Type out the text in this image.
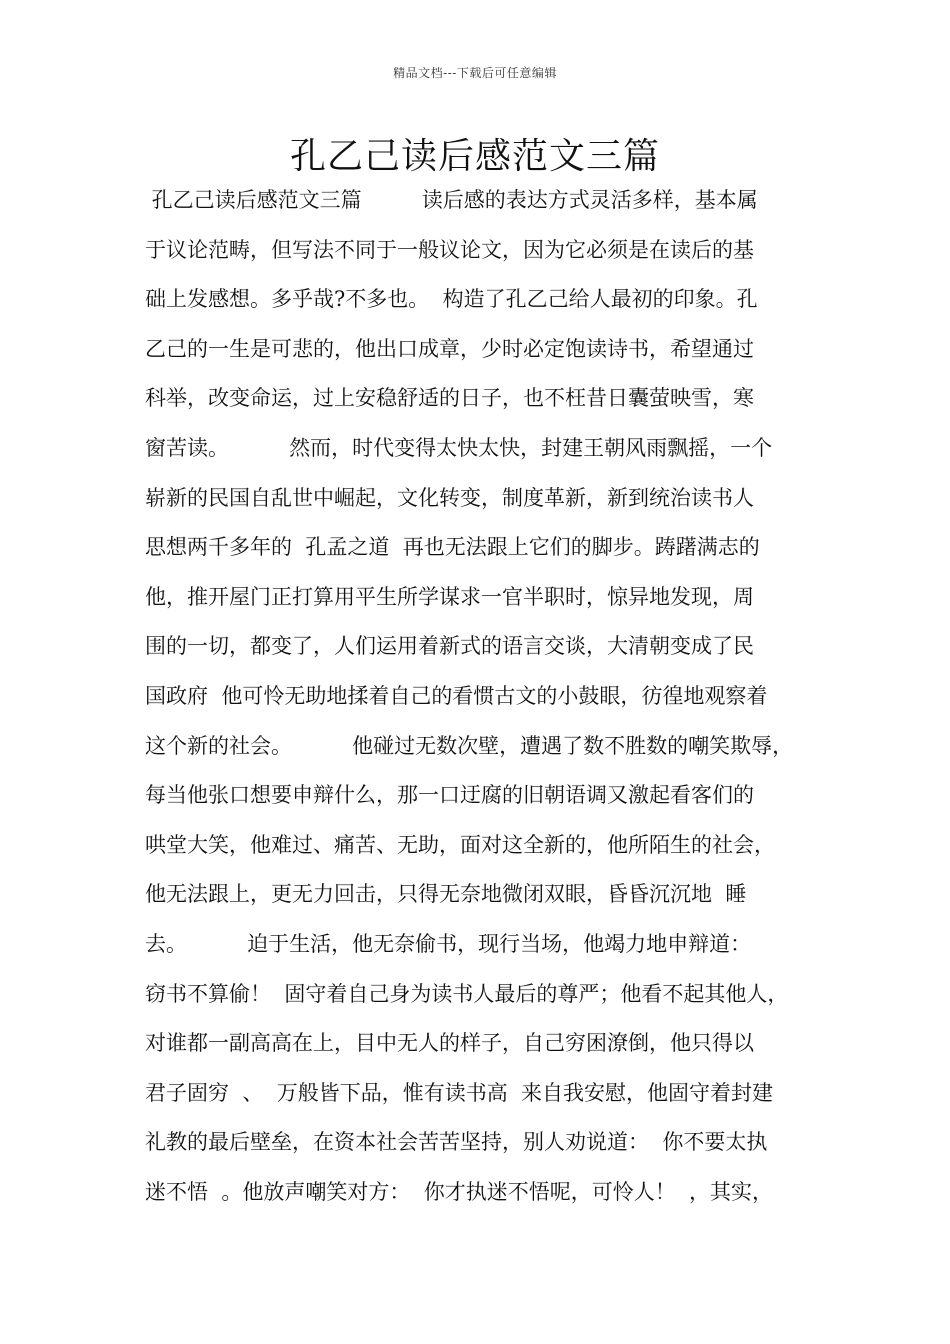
精品文档---下载后可任意编辑
孔乙己读后感范文三篇
孔乙己读后感范文三篇         读后感的表达方式灵活多样，基本属
于议论范畴，但写法不同于一般议论文，因为它必须是在读后的基
础上发感想。多乎哉?不多也。  构造了孔乙己给人最初的印象。孔
乙己的一生是可悲的，他出口成章，少时必定饱读诗书，希望通过
科举，改变命运，过上安稳舒适的日子，也不枉昔日囊萤映雪，寒
窗苦读。         然而，时代变得太快太快，封建王朝风雨飘摇，一个
崭新的民国自乱世中崛起，文化转变，制度革新，新到统治读书人
思想两千多年的  孔孟之道  再也无法跟上它们的脚步。踌躇满志的
他，推开屋门正打算用平生所学谋求一官半职时，惊异地发现，周
围的一切，都变了，人们运用着新式的语言交谈，大清朝变成了民
国政府  他可怜无助地揉着自己的看惯古文的小鼓眼，彷徨地观察着
这个新的社会。         他碰过无数次壁，遭遇了数不胜数的嘲笑欺辱，
每当他张口想要申辩什么，那一口迂腐的旧朝语调又激起看客们的
哄堂大笑，他难过、痛苦、无助，面对这全新的，他所陌生的社会，
他无法跟上，更无力回击，只得无奈地微闭双眼，昏昏沉沉地  睡
去。         迫于生活，他无奈偷书，现行当场，他竭力地申辩道：
窃书不算偷！  固守着自己身为读书人最后的尊严；他看不起其他人，
对谁都一副高高在上，目中无人的样子，自己穷困潦倒，他只得以
君子固穷  、  万般皆下品，惟有读书高  来自我安慰，他固守着封建
礼教的最后壁垒，在资本社会苦苦坚持，别人劝说道：  你不要太执
迷不悟  。他放声嘲笑对方：  你才执迷不悟呢，可怜人！  ，其实，
